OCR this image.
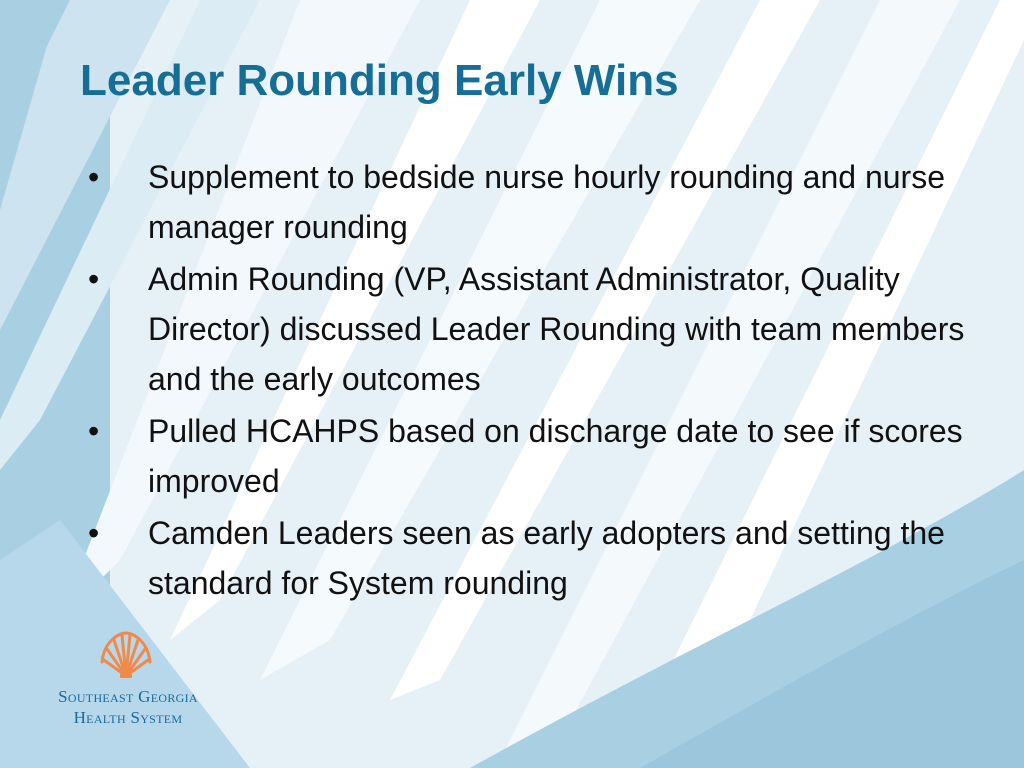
Leader Rounding Early Wins
• Supplement to bedside nurse hourly rounding and nurse manager rounding
• Admin Rounding (VP, Assistant Administrator, Quality Director) discussed Leader Rounding with team members and the early outcomes
• Pulled HCAHPS based on discharge date to see if scores improved
• Camden Leaders seen as early adopters and setting the standard for System rounding
Southeast Georgia
Health System
